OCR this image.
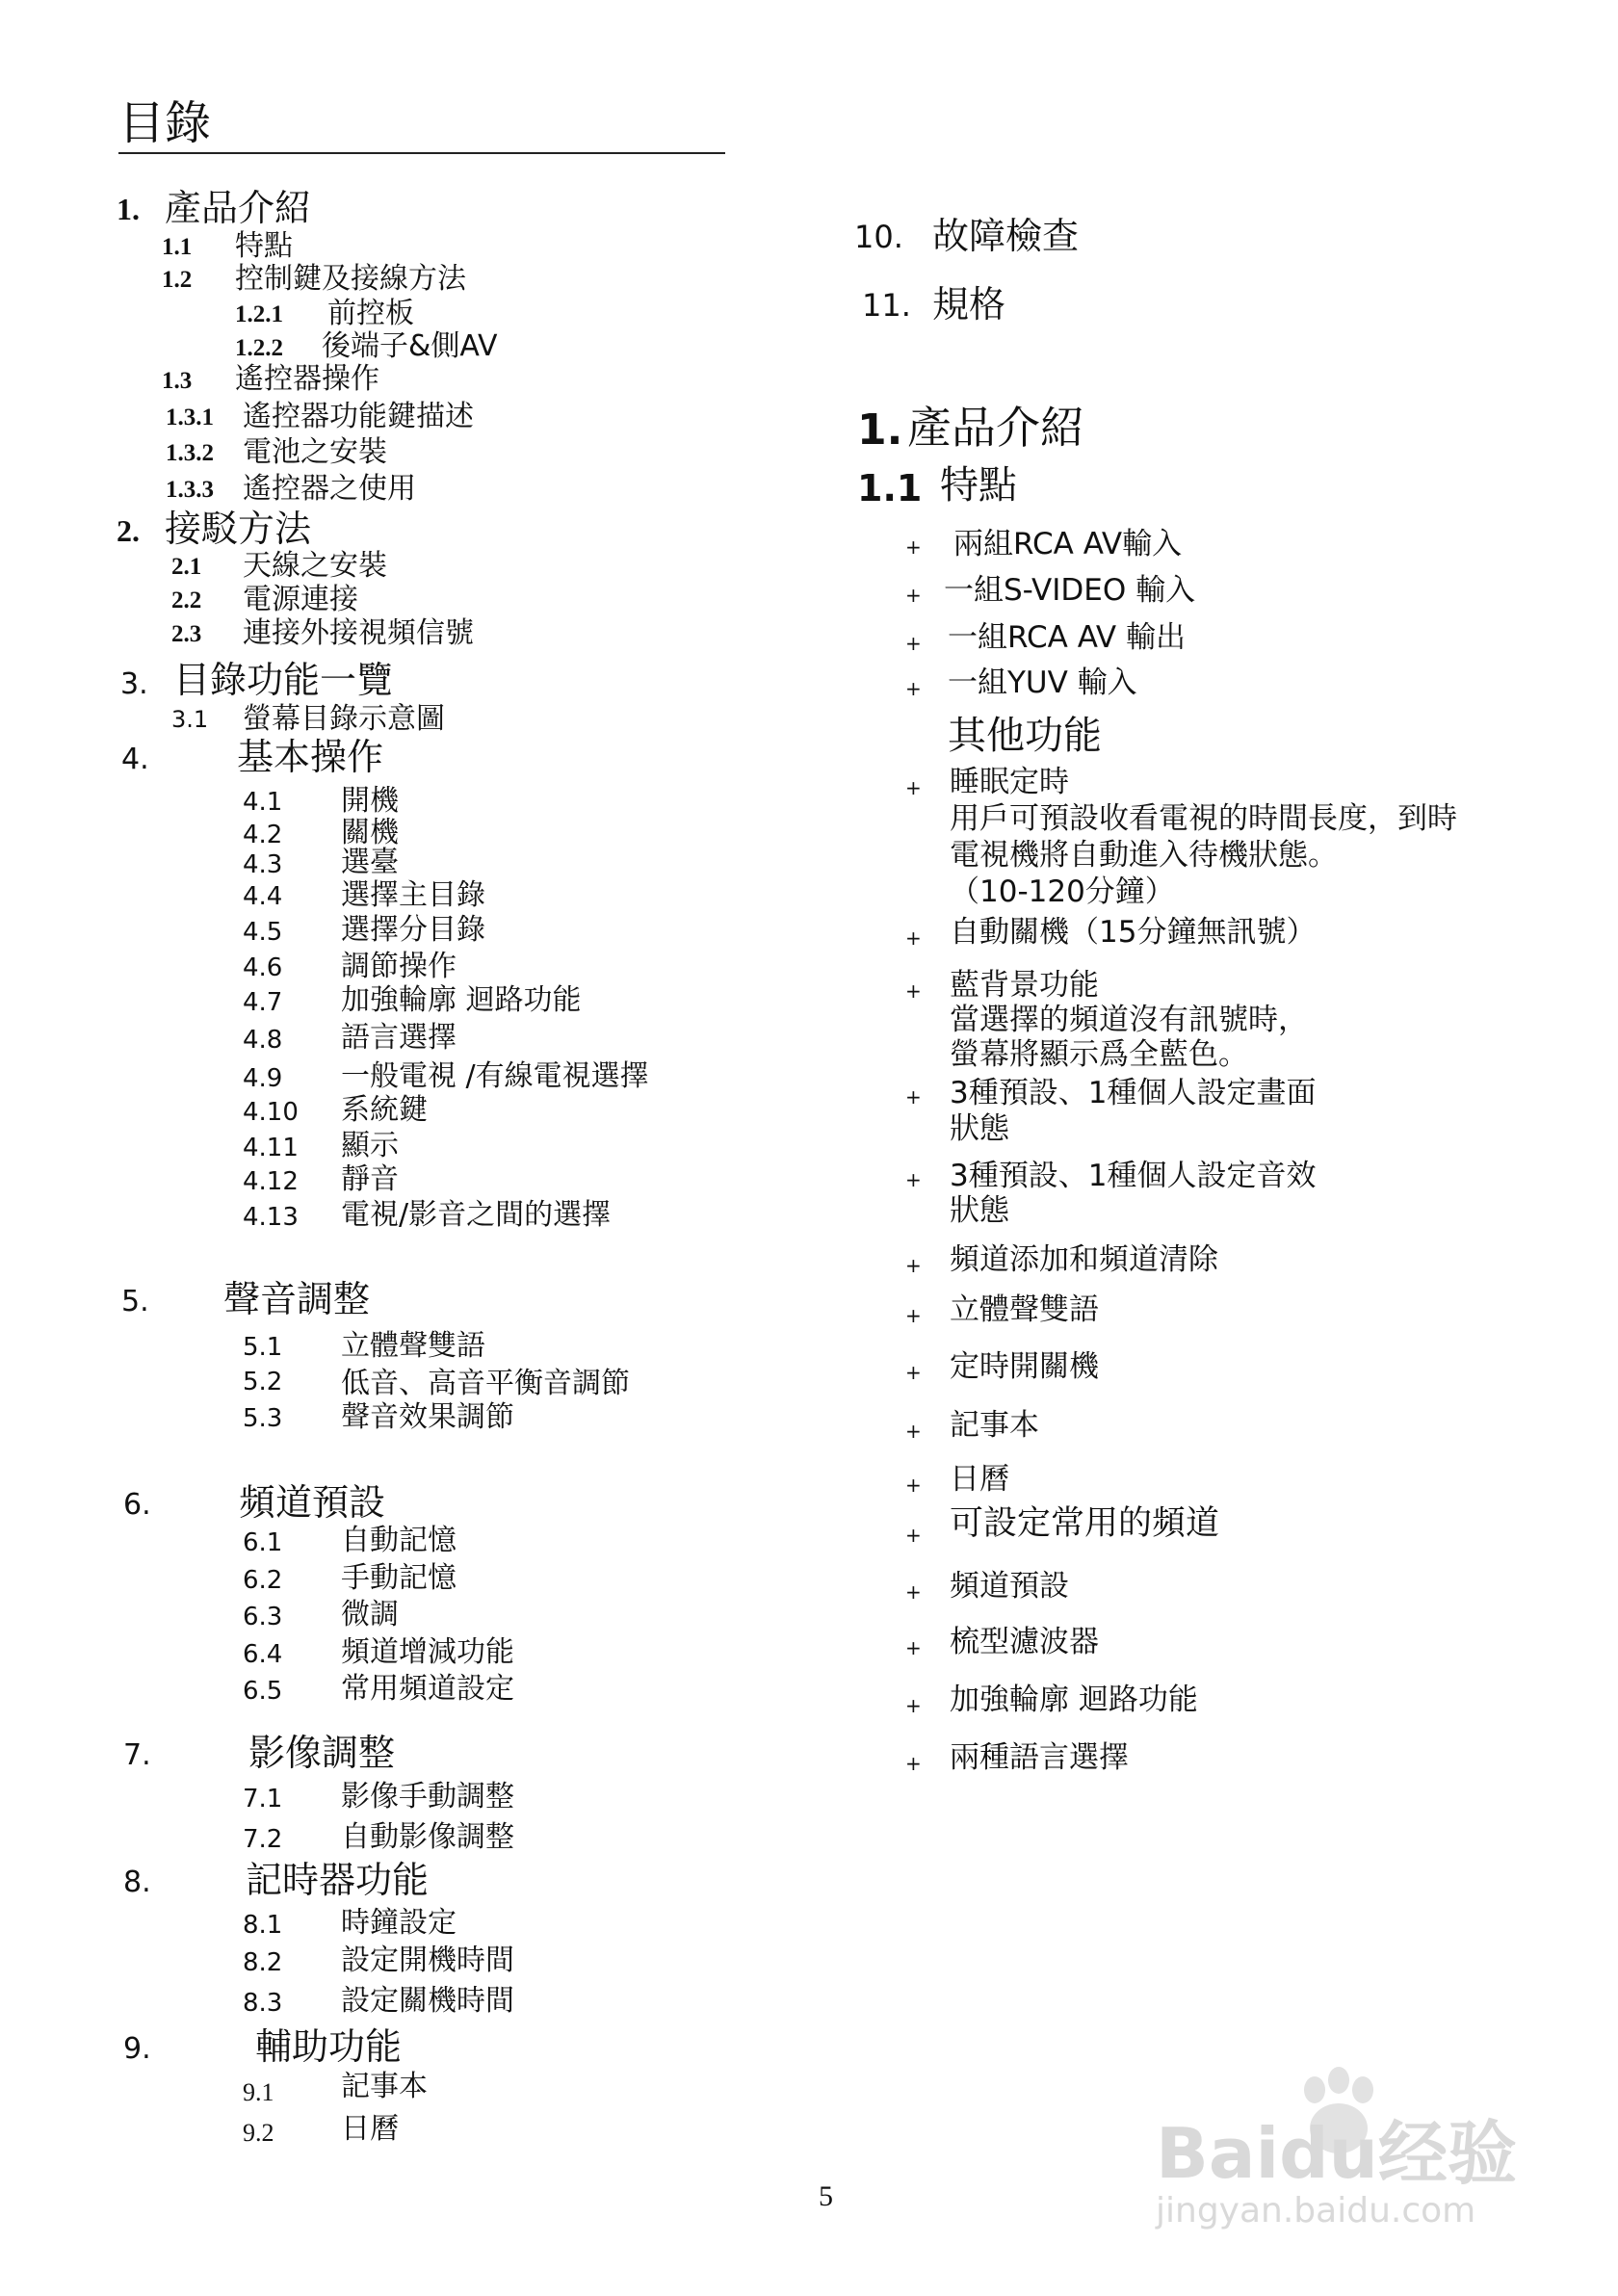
目錄
1. 產品介紹
1.1 特點
1.2 控制鍵及接線方法
1.2.1 前控板
1.2.2 後端子&側AV
1.3 遙控器操作
1.3.1 遙控器功能鍵描述
1.3.2 電池之安裝
1.3.3 遙控器之使用
2. 接駁方法
2.1 天線之安裝
2.2 電源連接
2.3 連接外接視頻信號
3. 目錄功能一覽
3.1 螢幕目錄示意圖
4. 基本操作
4.1 開機
4.2 關機
4.3 選臺
4.4 選擇主目錄
4.5 選擇分目錄
4.6 調節操作
4.7 加強輪廓 迴路功能
4.8 語言選擇
4.9 一般電視 /有線電視選擇
4.10 系統鍵
4.11 顯示
4.12 靜音
4.13 電視/影音之間的選擇
5. 聲音調整
5.1 立體聲雙語
5.2 低音、高音平衡音調節
5.3 聲音效果調節
6. 頻道預設
6.1 自動記憶
6.2 手動記憶
6.3 微調
6.4 頻道增減功能
6.5 常用頻道設定
7.	影像調整
7.1 影像手動調整
7.2 自動影像調整
8.	記時器功能
8.1 時鐘設定
8.2 設定開機時間
8.3 設定關機時間
9.	輔助功能
9.1 記事本
9.2 日曆
10. 故障檢查
11. 規格
1. 產品介紹
1.1 特點
+ 兩組RCA AV輸入
+ 一組S-VIDEO 輸入
+ 一組RCA AV 輸出
+ 一組YUV 輸入
其他功能
+ 睡眠定時
用戶可預設收看電視的時間長度，到時
電視機將自動進入待機狀態。
（10-120分鐘）
+ 自動關機（15分鐘無訊號）
+ 藍背景功能
當選擇的頻道沒有訊號時，
螢幕將顯示爲全藍色。
+ 3種預設、1種個人設定畫面
狀態
+ 3種預設、1種個人設定音效
狀態
+ 頻道添加和頻道清除
+ 立體聲雙語
+ 定時開關機
+ 記事本
+ 日曆
+ 可設定常用的頻道
+ 頻道預設
+ 梳型濾波器
+ 加強輪廓 迴路功能
+ 兩種語言選擇
5
Baidu经验
jingyan.baidu.com
